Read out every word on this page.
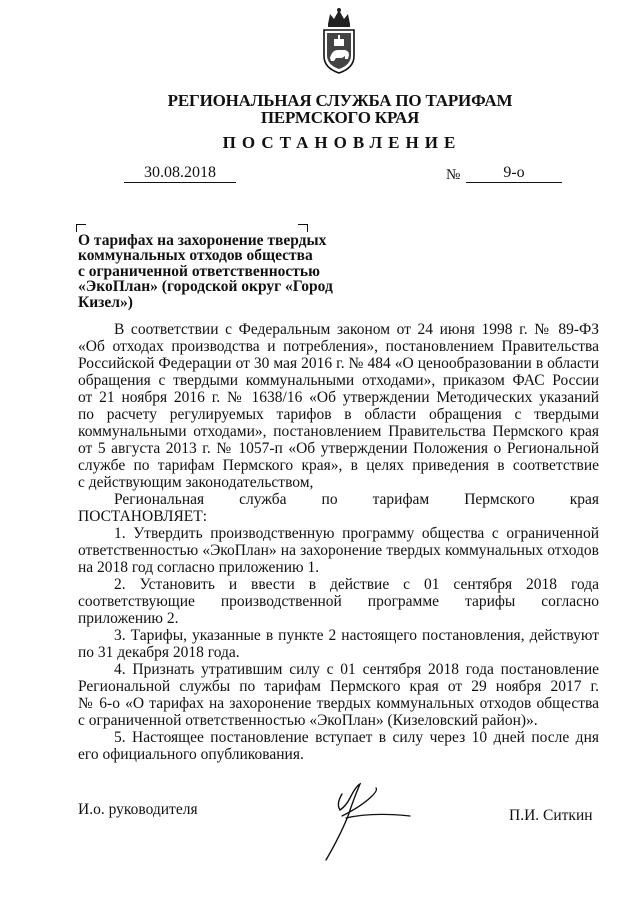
РЕГИОНАЛЬНАЯ СЛУЖБА ПО ТАРИФАМ
ПЕРМСКОГО КРАЯ
ПОСТАНОВЛЕНИЕ
30.08.2018	№	9-о
О тарифах на захоронение твердых
коммунальных отходов общества
с ограниченной ответственностью
«ЭкоПлан» (городской округ «Город
Кизел»)
В соответствии с Федеральным законом от 24 июня 1998 г. № 89-ФЗ
«Об отходах производства и потребления», постановлением Правительства
Российской Федерации от 30 мая 2016 г. № 484 «О ценообразовании в области
обращения с твердыми коммунальными отходами», приказом ФАС России
от 21 ноября 2016 г. № 1638/16 «Об утверждении Методических указаний
по расчету регулируемых тарифов в области обращения с твердыми
коммунальными отходами», постановлением Правительства Пермского края
от 5 августа 2013 г. № 1057-п «Об утверждении Положения о Региональной
службе по тарифам Пермского края», в целях приведения в соответствие
с действующим законодательством,
Региональная служба по тарифам Пермского края
ПОСТАНОВЛЯЕТ:
1. Утвердить производственную программу общества с ограниченной
ответственностью «ЭкоПлан» на захоронение твердых коммунальных отходов
на 2018 год согласно приложению 1.
2. Установить и ввести в действие с 01 сентября 2018 года
соответствующие производственной программе тарифы согласно
приложению 2.
3. Тарифы, указанные в пункте 2 настоящего постановления, действуют
по 31 декабря 2018 года.
4. Признать утратившим силу с 01 сентября 2018 года постановление
Региональной службы по тарифам Пермского края от 29 ноября 2017 г.
№ 6-о «О тарифах на захоронение твердых коммунальных отходов общества
с ограниченной ответственностью «ЭкоПлан» (Кизеловский район)».
5. Настоящее постановление вступает в силу через 10 дней после дня
его официального опубликования.
И.о. руководителя	П.И. Ситкин
